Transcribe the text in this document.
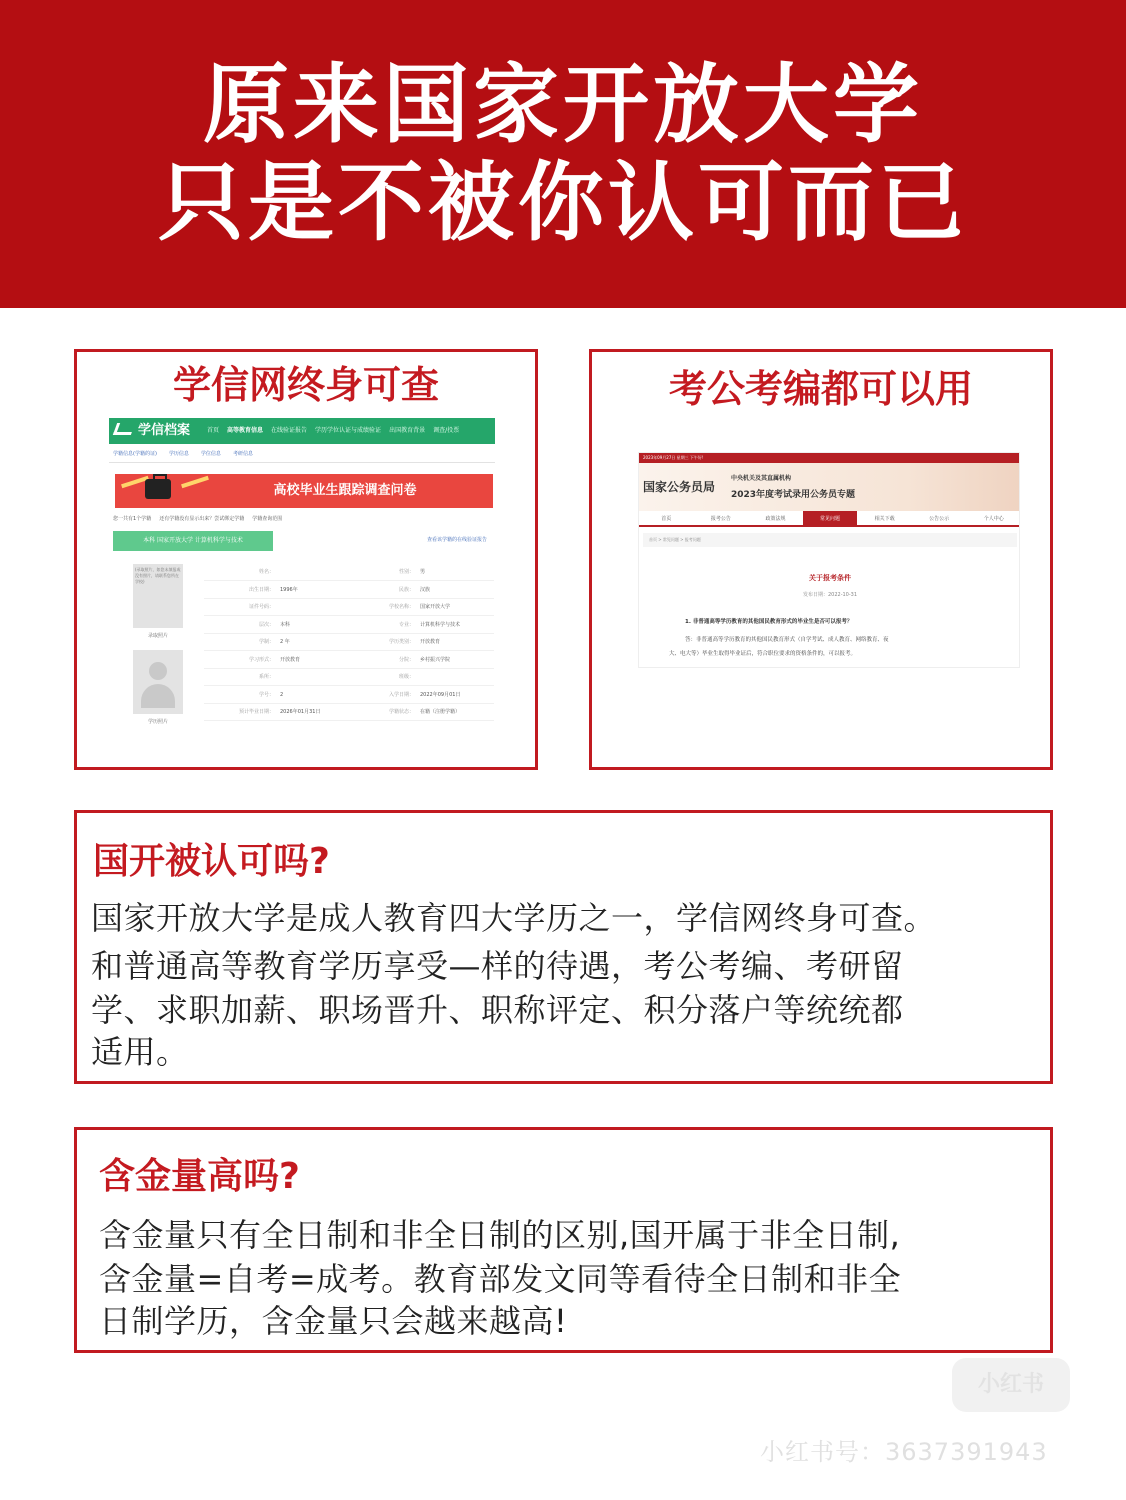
原来国家开放大学
只是不被你认可而已
学信网终身可查
学信档案	首页 高等教育信息 在线验证报告 学历学位认证与成绩验证 出国教育背景 调查/投票
学籍信息(学籍的证) 学历信息 学位信息 考研信息
高校毕业生跟踪调查问卷
您一共有1个学籍 还有学籍没有显示出来？尝试绑定学籍 学籍查询范围
本科 国家开放大学 计算机科学与技术	查看该学籍的在线验证报告
(录取照片，如您未填报或没有照片，请联系您所在学校)
录取照片
学历照片
姓名：	性别： 男
出生日期： 1996年	民族： 汉族
证件号码：	学校名称： 国家开放大学
层次： 本科	专业： 计算机科学与技术
学制： 2 年	学历类别： 开放教育
学习形式： 开放教育	分院： 乡村振兴学院
系所：	班级：
学号： 2	入学日期： 2022年09月01日
预计毕业日期： 2026年01月31日	学籍状态： 在籍（注册学籍）
考公考编都可以用
2023年09月27日 星期三 下午好!
国家公务员局
中央机关及其直属机构
2023年度考试录用公务员专题
首页	报考公告	政策法规	常见问题	相关下载	公告公示	个人中心
首页 > 常见问题 > 报考问题
关于报考条件
发布日期：2022-10-31
1. 非普通高等学历教育的其他国民教育形式的毕业生是否可以报考？
答：非普通高等学历教育的其他国民教育形式（自学考试、成人教育、网络教育、夜
大、电大等）毕业生取得毕业证后，符合职位要求的资格条件的，可以报考。
国开被认可吗?
国家开放大学是成人教育四大学历之一，学信网终身可查。
和普通高等教育学历享受—样的待遇，考公考编、考研留
学、求职加薪、职场晋升、职称评定、积分落户等统统都
适用。
含金量高吗?
含金量只有全日制和非全日制的区别,国开属于非全日制,
含金量=自考=成考。教育部发文同等看待全日制和非全
日制学历，含金量只会越来越高!
小红书
小红书号：3637391943
